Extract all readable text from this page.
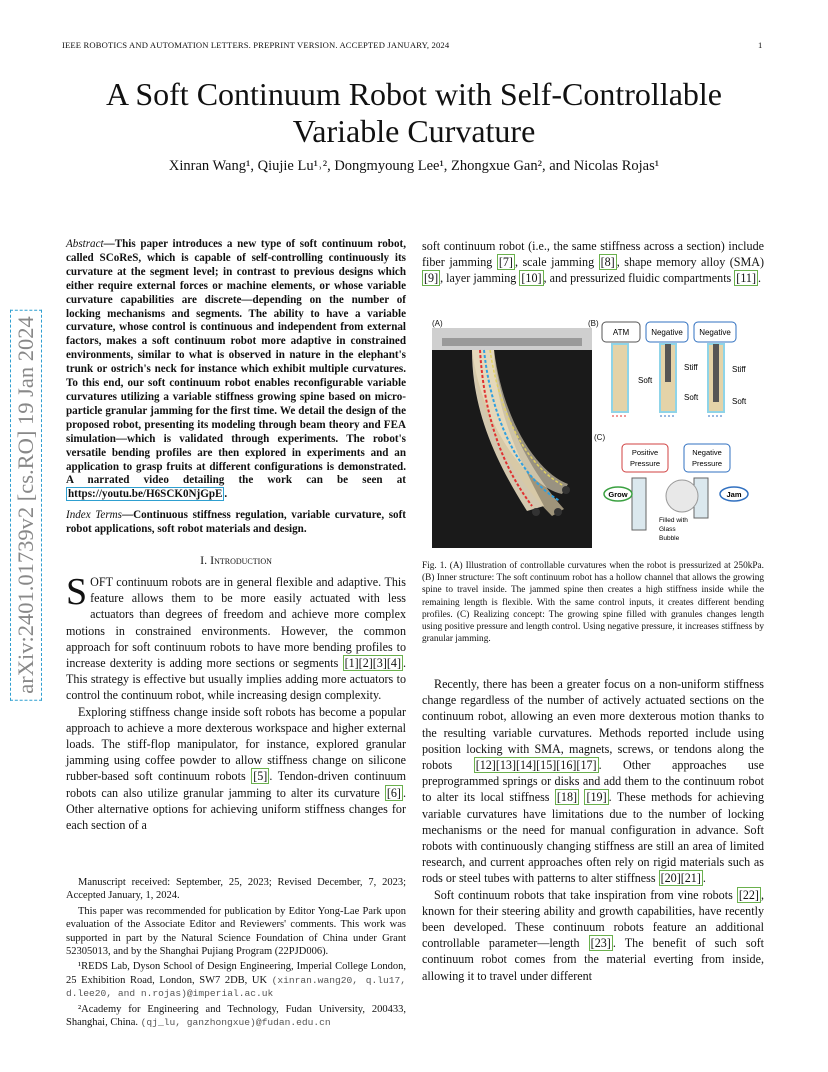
IEEE ROBOTICS AND AUTOMATION LETTERS. PREPRINT VERSION. ACCEPTED JANUARY, 2024	1
arXiv:2401.01739v2 [cs.RO] 19 Jan 2024
A Soft Continuum Robot with Self-Controllable
Variable Curvature
Xinran Wang¹, Qiujie Lu¹˒², Dongmyoung Lee¹, Zhongxue Gan², and Nicolas Rojas¹
Abstract—This paper introduces a new type of soft continuum robot, called SCoReS, which is capable of self-controlling continuously its curvature at the segment level; in contrast to previous designs which either require external forces or machine elements, or whose variable curvature capabilities are discrete—depending on the number of locking mechanisms and segments. The ability to have a variable curvature, whose control is continuous and independent from external factors, makes a soft continuum robot more adaptive in constrained environments, similar to what is observed in nature in the elephant's trunk or ostrich's neck for instance which exhibit multiple curvatures. To this end, our soft continuum robot enables reconfigurable variable curvatures utilizing a variable stiffness growing spine based on micro-particle granular jamming for the first time. We detail the design of the proposed robot, presenting its modeling through beam theory and FEA simulation—which is validated through experiments. The robot's versatile bending profiles are then explored in experiments and an application to grasp fruits at different configurations is demonstrated. A narrated video detailing the work can be seen at https://youtu.be/H6SCK0NjGpE .
Index Terms—Continuous stiffness regulation, variable curvature, soft robot applications, soft robot materials and design.
I. Introduction
SOFT continuum robots are in general flexible and adaptive. This feature allows them to be more easily actuated with less actuators than degrees of freedom and achieve more complex motions in constrained environments. However, the common approach for soft continuum robots to have more bending profiles to increase dexterity is adding more sections or segments [1][2][3][4] . This strategy is effective but usually implies adding more actuators to control the continuum robot, while increasing design complexity.
Exploring stiffness change inside soft robots has become a popular approach to achieve a more dexterous workspace and higher external loads. The stiff-flop manipulator, for instance, explored granular jamming using coffee powder to allow stiffness change on silicone rubber-based soft continuum robots [5] . Tendon-driven continuum robots can also utilize granular jamming to alter its curvature [6] . Other alternative options for achieving uniform stiffness changes for each section of a
Manuscript received: September, 25, 2023; Revised December, 7, 2023; Accepted January, 1, 2024.
This paper was recommended for publication by Editor Yong-Lae Park upon evaluation of the Associate Editor and Reviewers' comments. This work was supported in part by the Natural Science Foundation of China under Grant 52305013, and by the Shanghai Pujiang Program (22PJD006).
¹REDS Lab, Dyson School of Design Engineering, Imperial College London, 25 Exhibition Road, London, SW7 2DB, UK (xinran.wang20, q.lu17, d.lee20, and n.rojas)@imperial.ac.uk
²Academy for Engineering and Technology, Fudan University, 200433, Shanghai, China. (qj_lu, ganzhongxue)@fudan.edu.cn
soft continuum robot (i.e., the same stiffness across a section) include fiber jamming [7] , scale jamming [8] , shape memory alloy (SMA) [9] , layer jamming [10] , and pressurized fluidic compartments [11] .
(A)	(B)
ATM	Negative Negative
Soft
Stiff
Soft
Stiff
Soft
(C)
Positive
Pressure
Negative
Pressure
Grow	Jam
Filled with
Glass
Bubble
Fig. 1. (A) Illustration of controllable curvatures when the robot is pressurized at 250kPa. (B) Inner structure: The soft continuum robot has a hollow channel that allows the growing spine to travel inside. The jammed spine then creates a high stiffness inside while the remaining length is flexible. With the same control inputs, it creates different bending profiles. (C) Realizing concept: The growing spine filled with granules changes length using positive pressure and length control. Using negative pressure, it increases stiffness by granular jamming.
Recently, there has been a greater focus on a non-uniform stiffness change regardless of the number of actively actuated sections on the continuum robot, allowing an even more dexterous motion thanks to the resulting variable curvatures. Methods reported include using position locking with SMA, magnets, screws, or tendons along the robots [12][13][14][15][16][17] . Other approaches use preprogrammed springs or disks and add them to the continuum robot to alter its local stiffness [18] [19] . These methods for achieving variable curvatures have limitations due to the number of locking mechanisms or the need for manual configuration in advance. Soft robots with continuously changing stiffness are still an area of limited research, and current approaches often rely on rigid materials such as rods or steel tubes with patterns to alter stiffness [20][21] .
Soft continuum robots that take inspiration from vine robots [22] , known for their steering ability and growth capabilities, have recently been developed. These continuum robots feature an additional controllable parameter—length [23] . The benefit of such soft continuum robot comes from the material everting from inside, allowing it to travel under different
